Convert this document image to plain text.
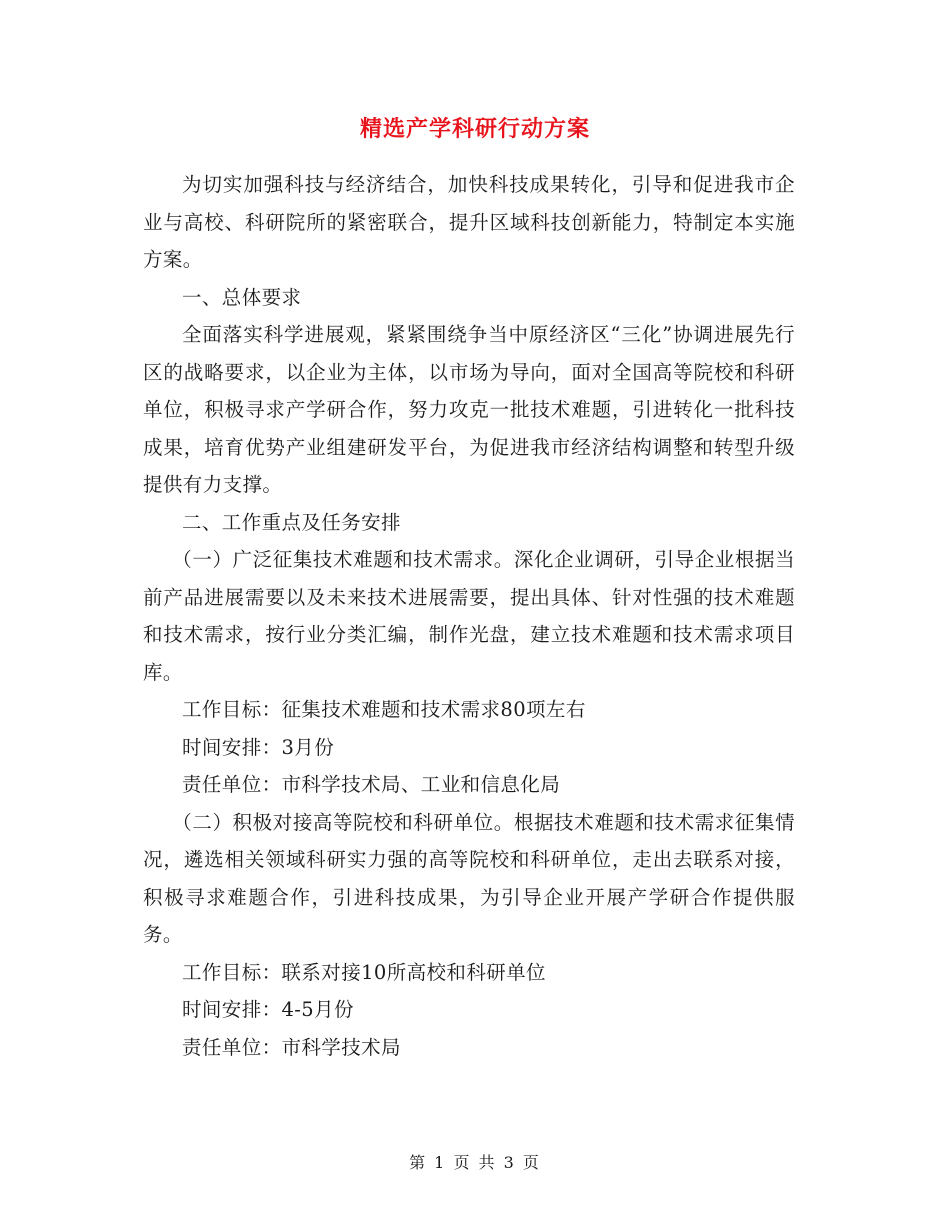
精选产学科研行动方案

为切实加强科技与经济结合，加快科技成果转化，引导和促进我市企业与高校、科研院所的紧密联合，提升区域科技创新能力，特制定本实施方案。

一、总体要求

全面落实科学进展观，紧紧围绕争当中原经济区“三化”协调进展先行区的战略要求，以企业为主体，以市场为导向，面对全国高等院校和科研单位，积极寻求产学研合作，努力攻克一批技术难题，引进转化一批科技成果，培育优势产业组建研发平台，为促进我市经济结构调整和转型升级提供有力支撑。

二、工作重点及任务安排

（一）广泛征集技术难题和技术需求。深化企业调研，引导企业根据当前产品进展需要以及未来技术进展需要，提出具体、针对性强的技术难题和技术需求，按行业分类汇编，制作光盘，建立技术难题和技术需求项目库。

工作目标：征集技术难题和技术需求80项左右

时间安排：3月份

责任单位：市科学技术局、工业和信息化局

（二）积极对接高等院校和科研单位。根据技术难题和技术需求征集情况，遴选相关领域科研实力强的高等院校和科研单位，走出去联系对接，积极寻求难题合作，引进科技成果，为引导企业开展产学研合作提供服务。

工作目标：联系对接10所高校和科研单位

时间安排：4-5月份

责任单位：市科学技术局

第 1 页 共 3 页
